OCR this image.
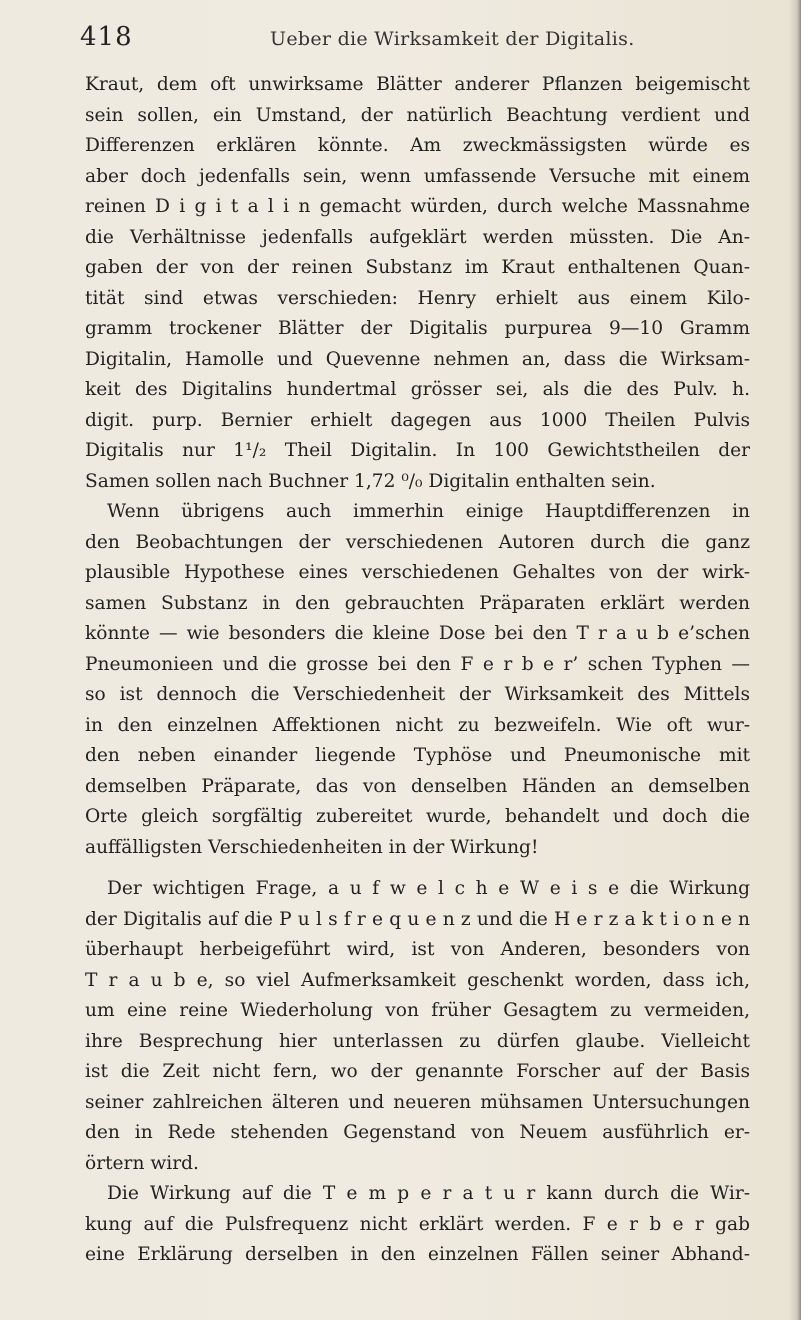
418	Ueber die Wirksamkeit der Digitalis.
Kraut, dem oft unwirksame Blätter anderer Pflanzen beigemischt
sein sollen, ein Umstand, der natürlich Beachtung verdient und
Differenzen erklären könnte. Am zweckmässigsten würde es
aber doch jedenfalls sein, wenn umfassende Versuche mit einem
reinen D i g i t a l i n gemacht würden, durch welche Massnahme
die Verhältnisse jedenfalls aufgeklärt werden müssten. Die An-
gaben der von der reinen Substanz im Kraut enthaltenen Quan-
tität sind etwas verschieden: Henry erhielt aus einem Kilo-
gramm trockener Blätter der Digitalis purpurea 9—10 Gramm
Digitalin, Hamolle und Quevenne nehmen an, dass die Wirksam-
keit des Digitalins hundertmal grösser sei, als die des Pulv. h.
digit. purp. Bernier erhielt dagegen aus 1000 Theilen Pulvis
Digitalis nur 1¹/₂ Theil Digitalin. In 100 Gewichtstheilen der
Samen sollen nach Buchner 1,72 ⁰/₀ Digitalin enthalten sein.
Wenn übrigens auch immerhin einige Hauptdifferenzen in
den Beobachtungen der verschiedenen Autoren durch die ganz
plausible Hypothese eines verschiedenen Gehaltes von der wirk-
samen Substanz in den gebrauchten Präparaten erklärt werden
könnte — wie besonders die kleine Dose bei den T r a u b e’schen
Pneumonieen und die grosse bei den F e r b e r’ schen Typhen —
so ist dennoch die Verschiedenheit der Wirksamkeit des Mittels
in den einzelnen Affektionen nicht zu bezweifeln. Wie oft wur-
den neben einander liegende Typhöse und Pneumonische mit
demselben Präparate, das von denselben Händen an demselben
Orte gleich sorgfältig zubereitet wurde, behandelt und doch die
auffälligsten Verschiedenheiten in der Wirkung!
Der wichtigen Frage, a u f w e l c h e W e i s e die Wirkung
der Digitalis auf die P u l s f r e q u e n z und die H e r z a k t i o n e n
überhaupt herbeigeführt wird, ist von Anderen, besonders von
T r a u b e, so viel Aufmerksamkeit geschenkt worden, dass ich,
um eine reine Wiederholung von früher Gesagtem zu vermeiden,
ihre Besprechung hier unterlassen zu dürfen glaube. Vielleicht
ist die Zeit nicht fern, wo der genannte Forscher auf der Basis
seiner zahlreichen älteren und neueren mühsamen Untersuchungen
den in Rede stehenden Gegenstand von Neuem ausführlich er-
örtern wird.
Die Wirkung auf die T e m p e r a t u r kann durch die Wir-
kung auf die Pulsfrequenz nicht erklärt werden. F e r b e r gab
eine Erklärung derselben in den einzelnen Fällen seiner Abhand-
